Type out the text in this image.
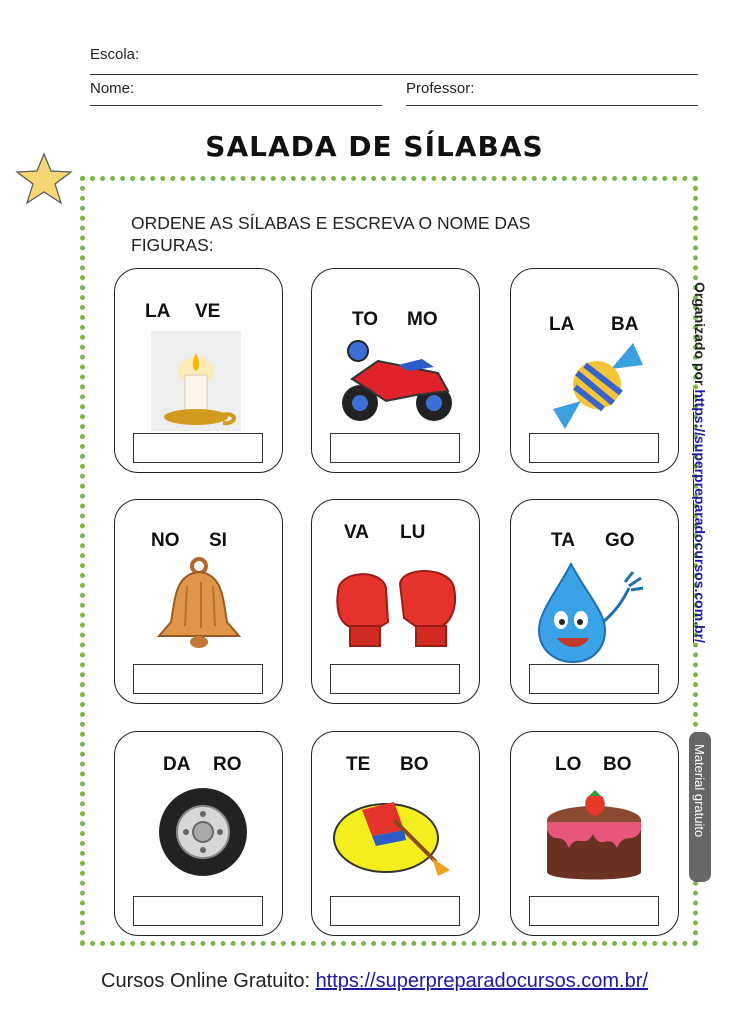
Escola:
Nome:	Professor:
SALADA DE SÍLABAS
ORDENE AS SÍLABAS E ESCREVA O NOME DAS FIGURAS:
LA VE	TO MO	LA BA
NO SI	VA LU	TA GO
DA RO	TE BO	LO BO
Organizado por https://superpreparadocursos.com.br/
Material gratuito
Cursos Online Gratuito: https://superpreparadocursos.com.br/
